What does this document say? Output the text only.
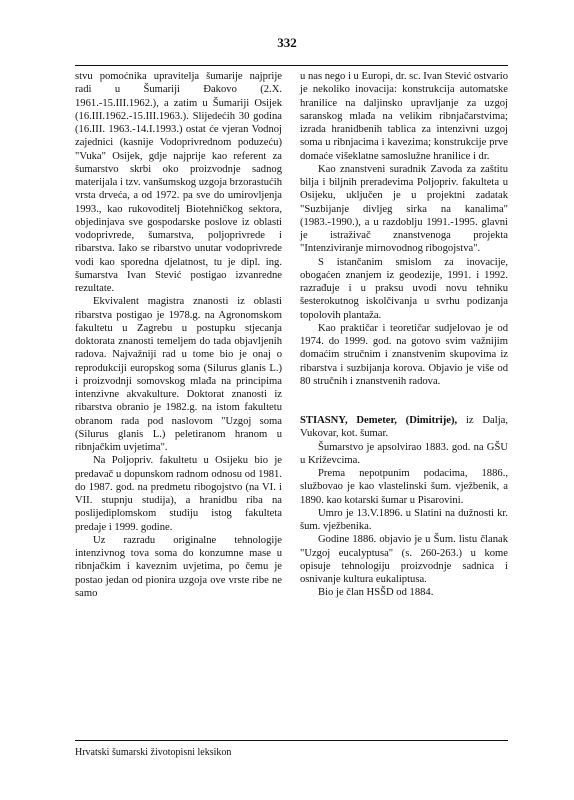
332

stvu pomoćnika upravitelja šumarije najprije radi u Šumariji Đakovo (2.X. 1961.-15.III.1962.), a zatim u Šumariji Osijek (16.III.1962.-15.III.1963.). Slijedećih 30 godina (16.III. 1963.-14.I.1993.) ostat će vjeran Vodnoj zajednici (kasnije Vodoprivrednom poduzeću) "Vuka" Osijek, gdje najprije kao referent za šumarstvo skrbi oko proizvodnje sadnog materijala i tzv. vanšumskog uzgoja brzorastućih vrsta drveća, a od 1972. pa sve do umirovljenja 1993., kao rukovoditelj Biotehničkog sektora, objedinjava sve gospodarske poslove iz oblasti vodoprivrede, šumarstva, poljoprivrede i ribarstva. Iako se ribarstvo unutar vodoprivrede vodi kao sporedna djelatnost, tu je dipl. ing. šumarstva Ivan Stević postigao izvanredne rezultate.

Ekvivalent magistra znanosti iz oblasti ribarstva postigao je 1978.g. na Agronomskom fakultetu u Zagrebu u postupku stjecanja doktorata znanosti temeljem do tada objavljenih radova. Najvažniji rad u tome bio je onaj o reprodukciji europskog soma (Silurus glanis L.) i proizvodnji somovskog mlađa na principima intenzivne akvakulture. Doktorat znanosti iz ribarstva obranio je 1982.g. na istom fakultetu obranom rada pod naslovom "Uzgoj soma (Silurus glanis L.) peletiranom hranom u ribnjačkim uvjetima".

Na Poljopriv. fakultetu u Osijeku bio je predavač u dopunskom radnom odnosu od 1981. do 1987. god. na predmetu ribogojstvo (na VI. i VII. stupnju studija), a hranidbu riba na poslijediplomskom studiju istog fakulteta predaje i 1999. godine.

Uz razradu originalne tehnologije intenzivnog tova soma do konzumne mase u ribnjačkim i kaveznim uvjetima, po čemu je postao jedan od pionira uzgoja ove vrste ribe ne samo

u nas nego i u Europi, dr. sc. Ivan Stević ostvario je nekoliko inovacija: konstrukcija automatske hranilice na daljinsko upravljanje za uzgoj saranskog mlađa na velikim ribnjačarstvima; izrada hranidbenih tablica za intenzivni uzgoj soma u ribnjacima i kavezima; konstrukcije prve domaće višeklatne samoslužne hranilice i dr.

Kao znanstveni suradnik Zavoda za zaštitu bilja i biljnih preradevima Poljopriv. fakulteta u Osijeku, uključen je u projektni zadatak "Suzbijanje divljeg sirka na kanalima" (1983.-1990.), a u razdoblju 1991.-1995. glavni je istraživač znanstvenoga projekta "Intenziviranje mirnovodnog ribogojstva".

S istančanim smislom za inovacije, obogaćen znanjem iz geodezije, 1991. i 1992. razrađuje i u praksu uvodi novu tehniku šesterokutnog iskolčivanja u svrhu podizanja topolovih plantaža.

Kao praktičar i teoretičar sudjelovao je od 1974. do 1999. god. na gotovo svim važnijim domaćim stručnim i znanstvenim skupovima iz ribarstva i suzbijanja korova. Objavio je više od 80 stručnih i znanstvenih radova.

STIASNY, Demeter, (Dimitrije), iz Dalja, Vukovar, kot. šumar.

Šumarstvo je apsolvirao 1883. god. na GŠU u Križevcima.

Prema nepotpunim podacima, 1886., službovao je kao vlastelinski šum. vježbenik, a 1890. kao kotarski šumar u Pisarovini.

Umro je 13.V.1896. u Slatini na dužnosti kr. šum. vježbenika.

Godine 1886. objavio je u Šum. listu članak "Uzgoj eucalyptusa" (s. 260-263.) u kome opisuje tehnologiju proizvodnje sadnica i osnivanje kultura eukaliptusa.

Bio je član HSŠD od 1884.

Hrvatski šumarski životopisni leksikon
